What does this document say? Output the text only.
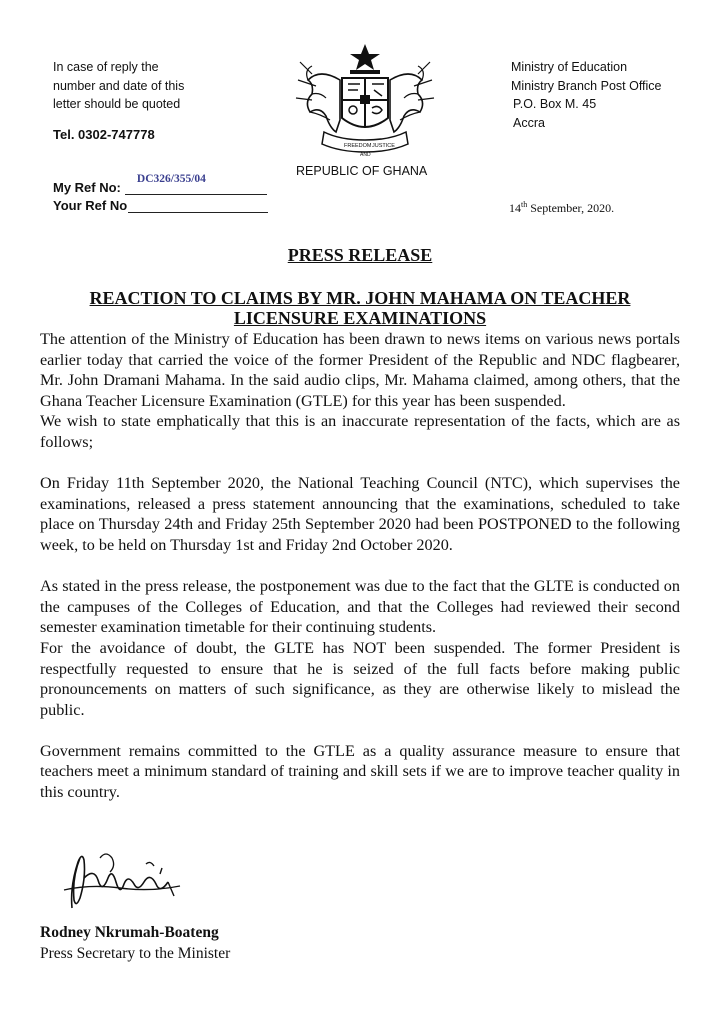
In case of reply the
number and date of this
letter should be quoted
Tel. 0302-747778
FREEDOM
AND
JUSTICE
REPUBLIC OF GHANA
Ministry of Education
Ministry Branch Post Office
P.O. Box M. 45
Accra
My Ref No:
DC326/355/04
Your Ref No	14th September, 2020.
PRESS RELEASE
REACTION TO CLAIMS BY MR. JOHN MAHAMA ON TEACHER
LICENSURE EXAMINATIONS

The attention of the Ministry of Education has been drawn to news items on various news portals earlier today that carried the voice of the former President of the Republic and NDC flagbearer, Mr. John Dramani Mahama. In the said audio clips, Mr. Mahama claimed, among others, that the Ghana Teacher Licensure Examination (GTLE) for this year has been suspended.

We wish to state emphatically that this is an inaccurate representation of the facts, which are as follows;

On Friday 11th September 2020, the National Teaching Council (NTC), which supervises the examinations, released a press statement announcing that the examinations, scheduled to take place on Thursday 24th and Friday 25th September 2020 had been POSTPONED to the following week, to be held on Thursday 1st and Friday 2nd October 2020.

As stated in the press release, the postponement was due to the fact that the GLTE is conducted on the campuses of the Colleges of Education, and that the Colleges had reviewed their second semester examination timetable for their continuing students.

For the avoidance of doubt, the GLTE has NOT been suspended. The former President is respectfully requested to ensure that he is seized of the full facts before making public pronouncements on matters of such significance, as they are otherwise likely to mislead the public.

Government remains committed to the GTLE as a quality assurance measure to ensure that teachers meet a minimum standard of training and skill sets if we are to improve teacher quality in this country.

Rodney Nkrumah-Boateng
Press Secretary to the Minister
